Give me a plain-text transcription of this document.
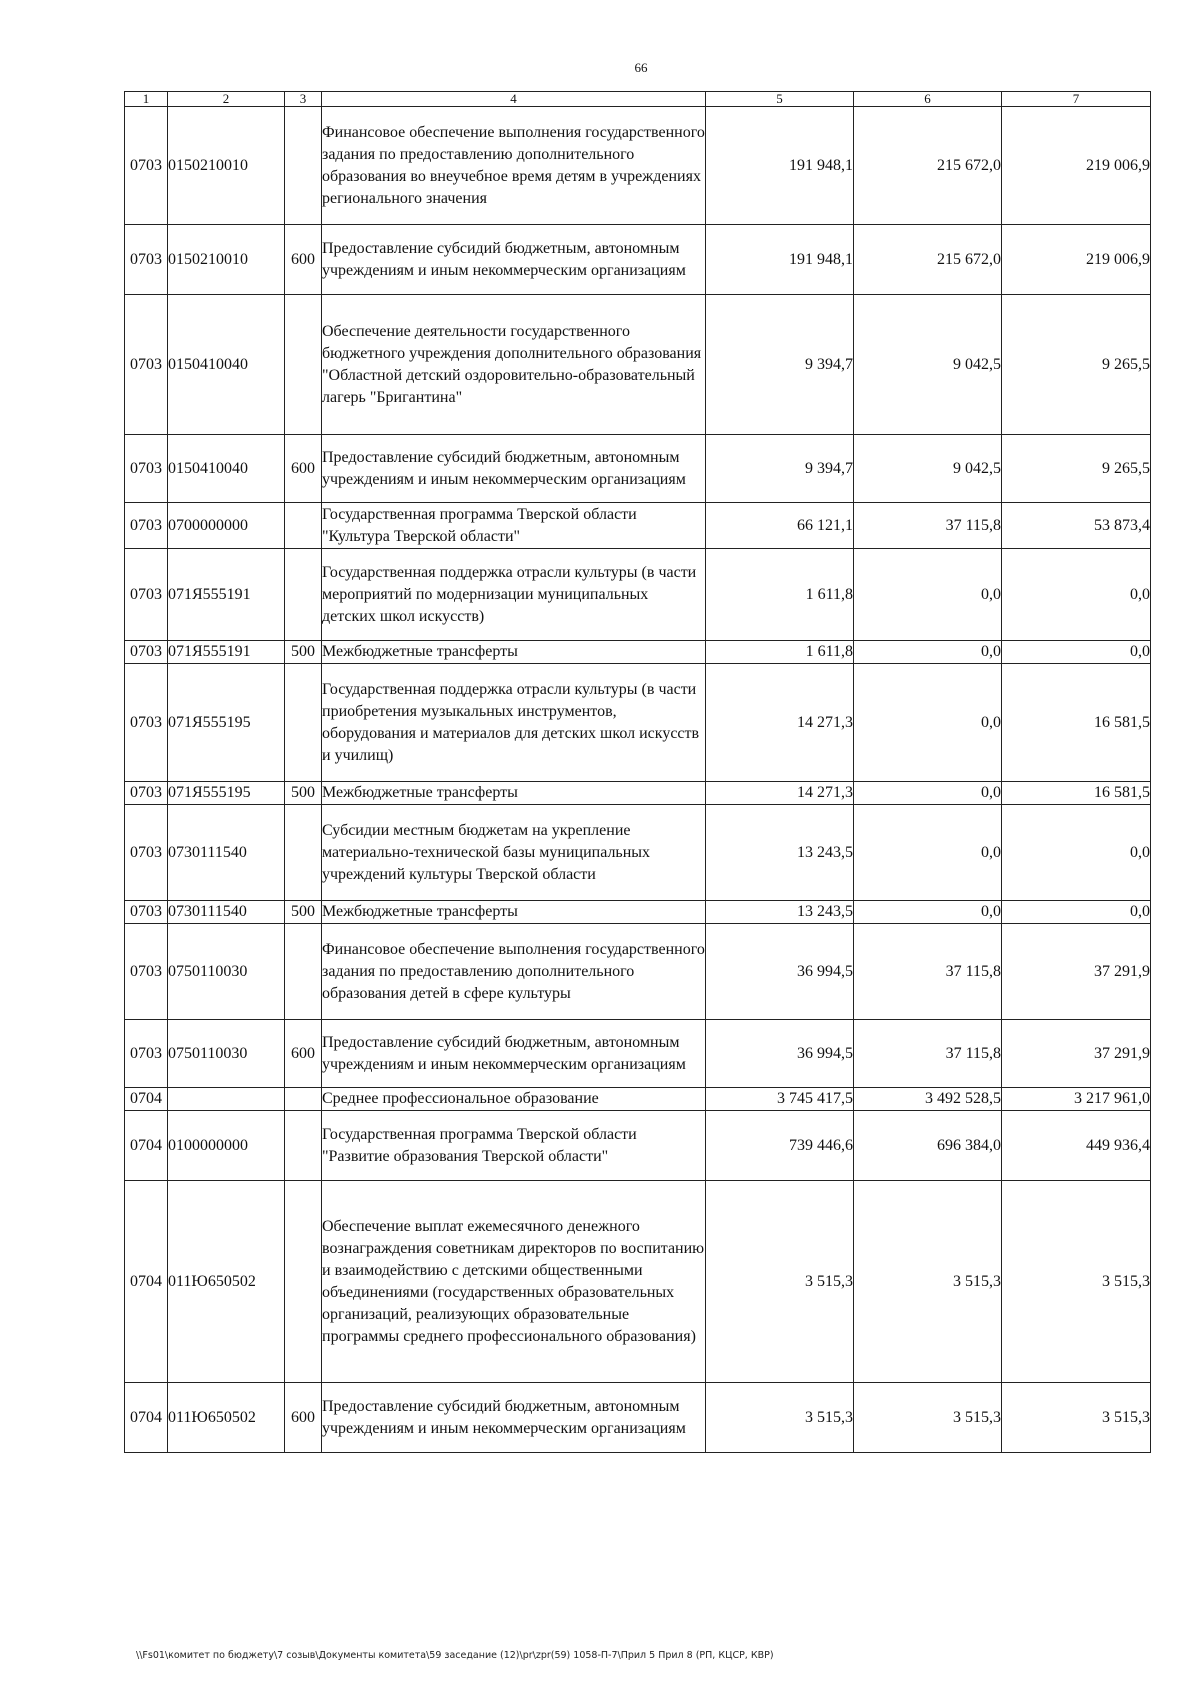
66
1	2	3	4	5	6	7
0703	0150210010		Финансовое обеспечение выполнения государственного задания по предоставлению дополнительного образования во внеучебное время детям в учреждениях регионального значения	191 948,1	215 672,0	219 006,9
0703	0150210010	600	Предоставление субсидий бюджетным, автономным учреждениям и иным некоммерческим организациям	191 948,1	215 672,0	219 006,9
0703	0150410040		Обеспечение деятельности государственного бюджетного учреждения дополнительного образования "Областной детский оздоровительно-образовательный лагерь "Бригантина"	9 394,7	9 042,5	9 265,5
0703	0150410040	600	Предоставление субсидий бюджетным, автономным учреждениям и иным некоммерческим организациям	9 394,7	9 042,5	9 265,5
0703	0700000000		Государственная программа Тверской области "Культура Тверской области"	66 121,1	37 115,8	53 873,4
0703	071Я555191		Государственная поддержка отрасли культуры (в части мероприятий по модернизации муниципальных детских школ искусств)	1 611,8	0,0	0,0
0703	071Я555191	500	Межбюджетные трансферты	1 611,8	0,0	0,0
0703	071Я555195		Государственная поддержка отрасли культуры (в части приобретения музыкальных инструментов, оборудования и материалов для детских школ искусств и училищ)	14 271,3	0,0	16 581,5
0703	071Я555195	500	Межбюджетные трансферты	14 271,3	0,0	16 581,5
0703	0730111540		Субсидии местным бюджетам на укрепление материально-технической базы муниципальных учреждений культуры Тверской области	13 243,5	0,0	0,0
0703	0730111540	500	Межбюджетные трансферты	13 243,5	0,0	0,0
0703	0750110030		Финансовое обеспечение выполнения государственного задания по предоставлению дополнительного образования детей в сфере культуры	36 994,5	37 115,8	37 291,9
0703	0750110030	600	Предоставление субсидий бюджетным, автономным учреждениям и иным некоммерческим организациям	36 994,5	37 115,8	37 291,9
0704			Среднее профессиональное образование	3 745 417,5	3 492 528,5	3 217 961,0
0704	0100000000		Государственная программа Тверской области "Развитие образования Тверской области"	739 446,6	696 384,0	449 936,4
0704	011Ю650502		Обеспечение выплат ежемесячного денежного вознаграждения советникам директоров по воспитанию и взаимодействию с детскими общественными объединениями (государственных образовательных организаций, реализующих образовательные программы среднего профессионального образования)	3 515,3	3 515,3	3 515,3
0704	011Ю650502	600	Предоставление субсидий бюджетным, автономным учреждениям и иным некоммерческим организациям	3 515,3	3 515,3	3 515,3
\\Fs01\комитет по бюджету\7 созыв\Документы комитета\59 заседание (12)\pr\zpr(59) 1058-П-7\Прил 5 Прил 8 (РП, КЦСР, КВР)
